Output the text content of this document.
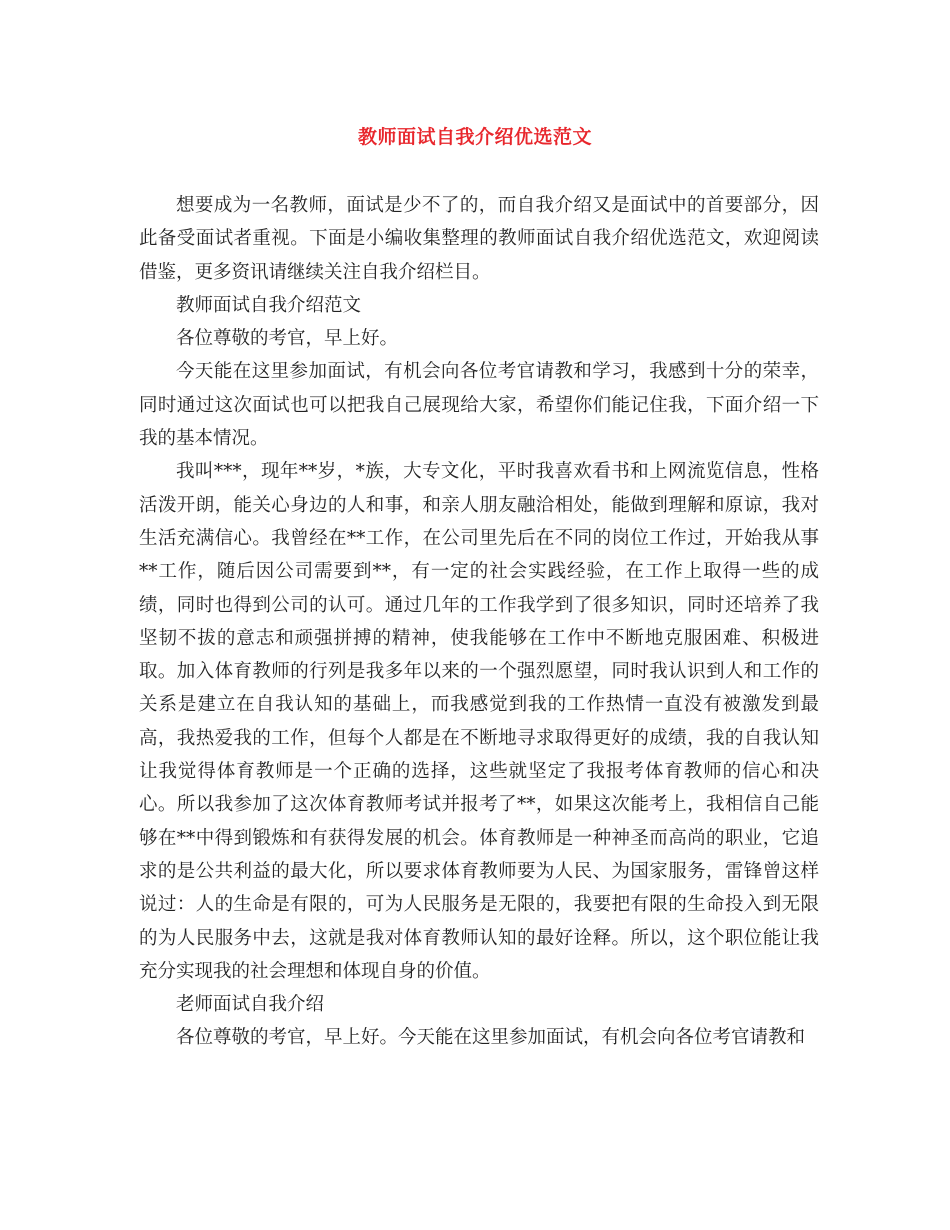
教师面试自我介绍优选范文

想要成为一名教师，面试是少不了的，而自我介绍又是面试中的首要部分，因此备受面试者重视。下面是小编收集整理的教师面试自我介绍优选范文，欢迎阅读借鉴，更多资讯请继续关注自我介绍栏目。

教师面试自我介绍范文

各位尊敬的考官，早上好。

今天能在这里参加面试，有机会向各位考官请教和学习，我感到十分的荣幸，同时通过这次面试也可以把我自己展现给大家，希望你们能记住我，下面介绍一下我的基本情况。

我叫***，现年**岁，*族，大专文化，平时我喜欢看书和上网流览信息，性格活泼开朗，能关心身边的人和事，和亲人朋友融洽相处，能做到理解和原谅，我对生活充满信心。我曾经在**工作，在公司里先后在不同的岗位工作过，开始我从事**工作，随后因公司需要到**，有一定的社会实践经验，在工作上取得一些的成绩，同时也得到公司的认可。通过几年的工作我学到了很多知识，同时还培养了我坚韧不拔的意志和顽强拼搏的精神，使我能够在工作中不断地克服困难、积极进取。加入体育教师的行列是我多年以来的一个强烈愿望，同时我认识到人和工作的关系是建立在自我认知的基础上，而我感觉到我的工作热情一直没有被激发到最高，我热爱我的工作，但每个人都是在不断地寻求取得更好的成绩，我的自我认知让我觉得体育教师是一个正确的选择，这些就坚定了我报考体育教师的信心和决心。所以我参加了这次体育教师考试并报考了**，如果这次能考上，我相信自己能够在**中得到锻炼和有获得发展的机会。体育教师是一种神圣而高尚的职业，它追求的是公共利益的最大化，所以要求体育教师要为人民、为国家服务，雷锋曾这样说过：人的生命是有限的，可为人民服务是无限的，我要把有限的生命投入到无限的为人民服务中去，这就是我对体育教师认知的最好诠释。所以，这个职位能让我充分实现我的社会理想和体现自身的价值。

老师面试自我介绍

各位尊敬的考官，早上好。今天能在这里参加面试，有机会向各位考官请教和
